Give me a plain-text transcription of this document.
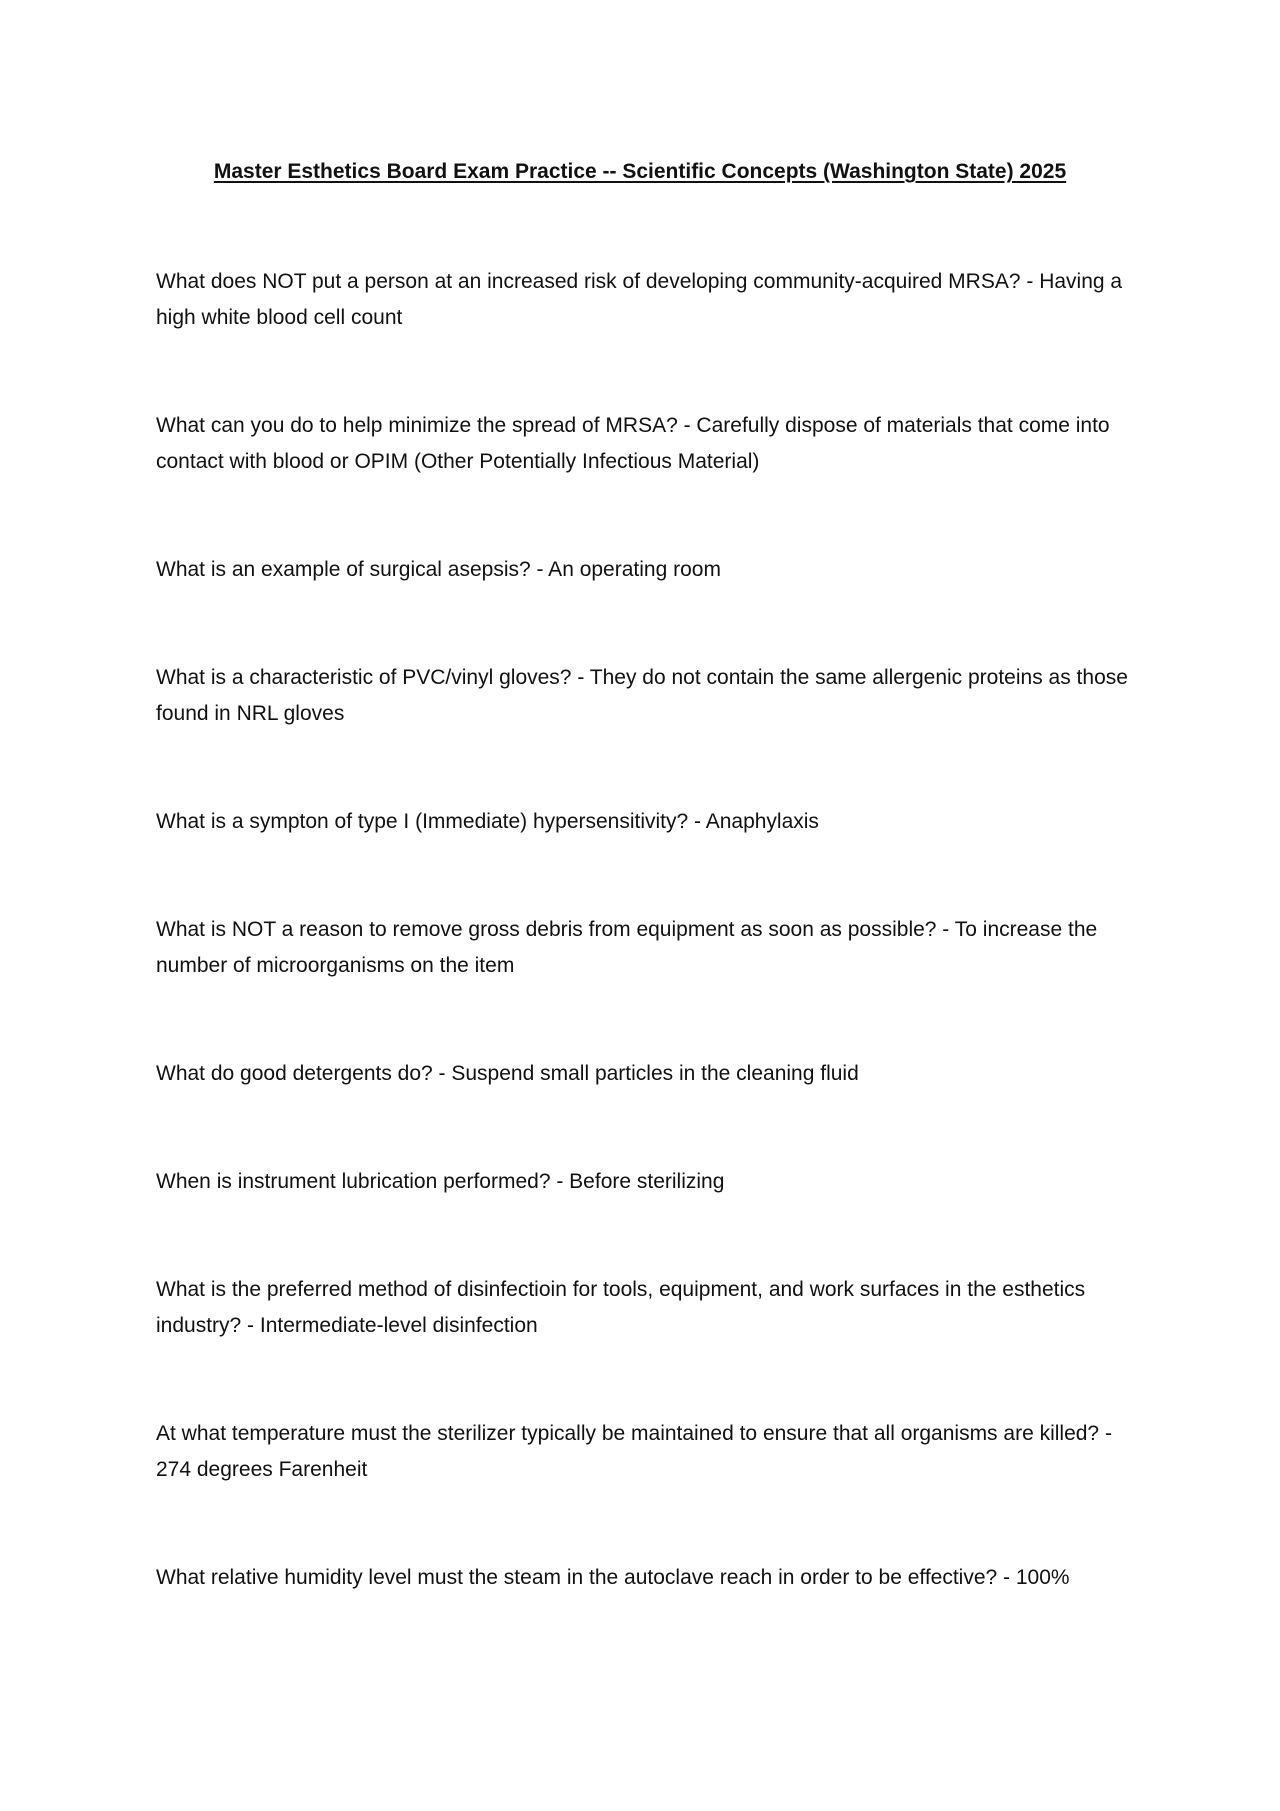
Master Esthetics Board Exam Practice -- Scientific Concepts (Washington State) 2025
What does NOT put a person at an increased risk of developing community-acquired MRSA? - Having a high white blood cell count
What can you do to help minimize the spread of MRSA? - Carefully dispose of materials that come into contact with blood or OPIM (Other Potentially Infectious Material)
What is an example of surgical asepsis? - An operating room
What is a characteristic of PVC/vinyl gloves? - They do not contain the same allergenic proteins as those found in NRL gloves
What is a sympton of type I (Immediate) hypersensitivity? - Anaphylaxis
What is NOT a reason to remove gross debris from equipment as soon as possible? - To increase the number of microorganisms on the item
What do good detergents do? - Suspend small particles in the cleaning fluid
When is instrument lubrication performed? - Before sterilizing
What is the preferred method of disinfectioin for tools, equipment, and work surfaces in the esthetics industry? - Intermediate-level disinfection
At what temperature must the sterilizer typically be maintained to ensure that all organisms are killed? - 274 degrees Farenheit
What relative humidity level must the steam in the autoclave reach in order to be effective? - 100%
